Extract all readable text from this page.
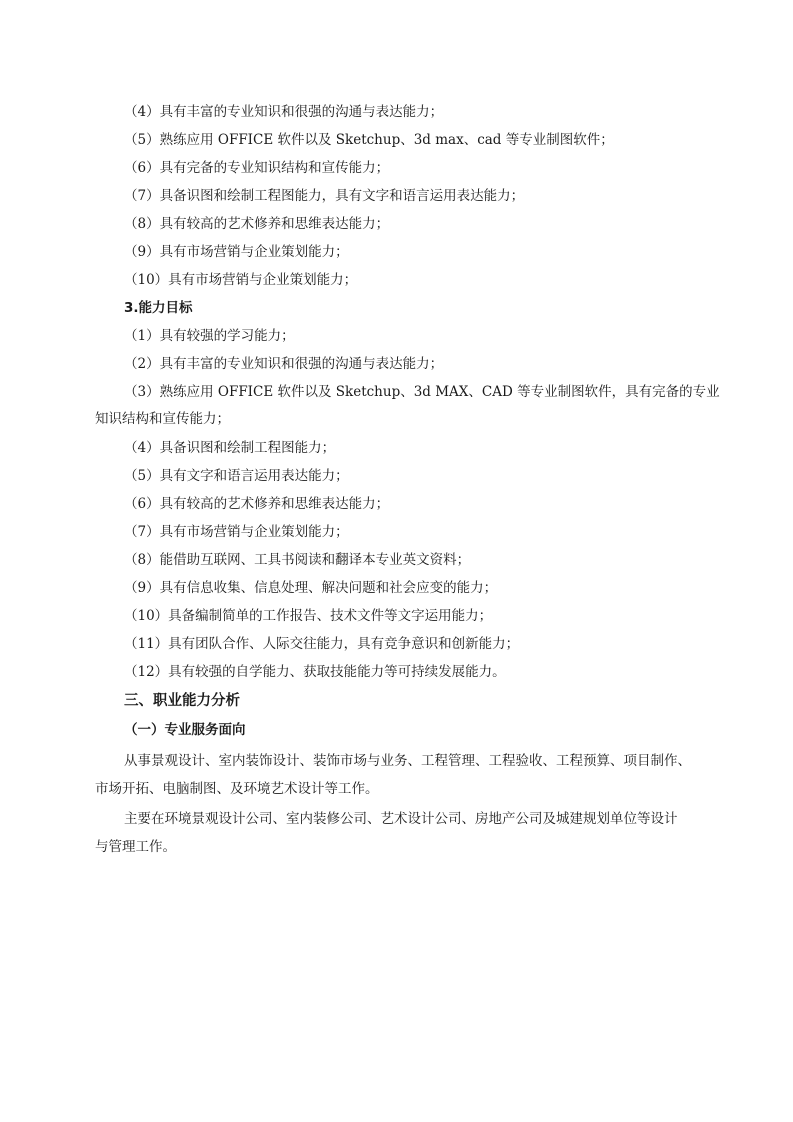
（4）具有丰富的专业知识和很强的沟通与表达能力；
（5）熟练应用 OFFICE 软件以及 Sketchup、3d max、cad 等专业制图软件；
（6）具有完备的专业知识结构和宣传能力；
（7）具备识图和绘制工程图能力，具有文字和语言运用表达能力；
（8）具有较高的艺术修养和思维表达能力；
（9）具有市场营销与企业策划能力；
（10）具有市场营销与企业策划能力；
3.能力目标
（1）具有较强的学习能力；
（2）具有丰富的专业知识和很强的沟通与表达能力；
（3）熟练应用 OFFICE 软件以及 Sketchup、3d MAX、CAD 等专业制图软件，具有完备的专业
知识结构和宣传能力；
（4）具备识图和绘制工程图能力；
（5）具有文字和语言运用表达能力；
（6）具有较高的艺术修养和思维表达能力；
（7）具有市场营销与企业策划能力；
（8）能借助互联网、工具书阅读和翻译本专业英文资料；
（9）具有信息收集、信息处理、解决问题和社会应变的能力；
（10）具备编制简单的工作报告、技术文件等文字运用能力；
（11）具有团队合作、人际交往能力，具有竞争意识和创新能力；
（12）具有较强的自学能力、获取技能能力等可持续发展能力。
三、职业能力分析
（一）专业服务面向
从事景观设计、室内装饰设计、装饰市场与业务、工程管理、工程验收、工程预算、项目制作、
市场开拓、电脑制图、及环境艺术设计等工作。
主要在环境景观设计公司、室内装修公司、艺术设计公司、房地产公司及城建规划单位等设计
与管理工作。
